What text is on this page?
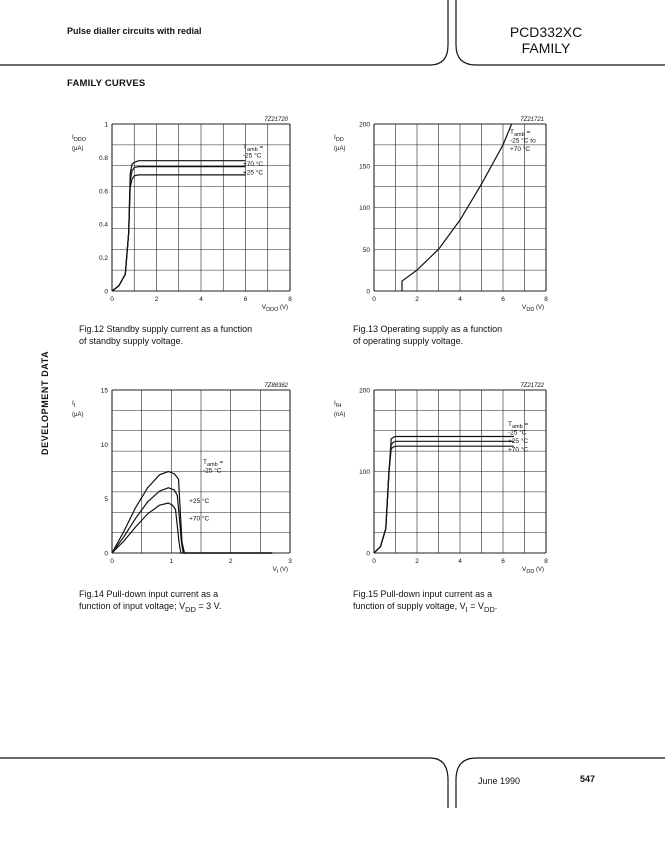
Pulse dialler circuits with redial	PCD332XC
FAMILY
FAMILY CURVES
DEVELOPMENT DATA
0	2	4	6	8
0
0.2
0.4
0.6
0.8
1
7Z21720
$I_{DDO}$
(μA)
$V_{DDO}$ (V)
$T_{amb}$ =
-25 °C
+70 °C
+25 °C
0	2	4	6	8
0
50
100
150
200
7Z21721
$I_{DD}$
(μA)
$V_{DD}$ (V)
$T_{amb}$ =
-25 °C to
+70 °C
0	1	2	3
0
5
10
15
7Z88362
$I_I$
(μA)
$V_I$ (V)
$T_{amb}$ =
-25 °C
+25 °C
+70 °C
0	2	4	6	8
0
100
200
7Z21722
$I_{IH}$
(nA)
$V_{DD}$ (V)
$T_{amb}$ =
-25 °C
+25 °C
+70 °C
Fig.12 Standby supply current as a function
of standby supply voltage.
Fig.13 Operating supply as a function
of operating supply voltage.
Fig.14 Pull-down input current as a
function of input voltage; $V_{DD} = 3$ V.
Fig.15 Pull-down input current as a
function of supply voltage, $V_I = V_{DD}$.
June 1990	547
